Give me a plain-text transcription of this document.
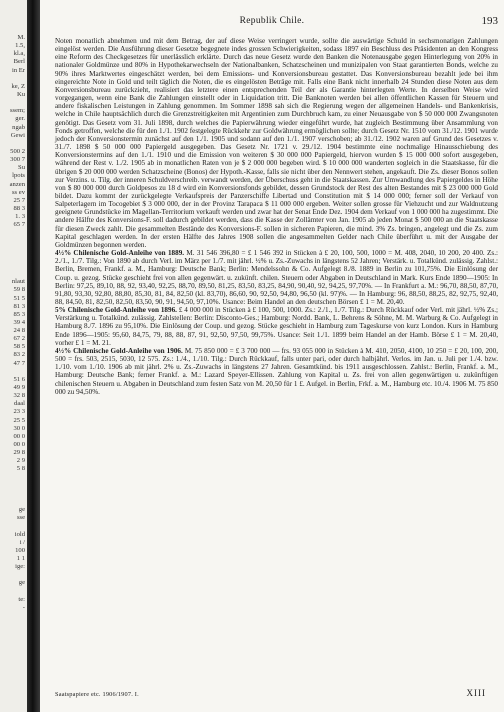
M.
1.5,
kl.a,
Berl
in Er
ke, Z
Ku
ssem;
ger.
ngab
Gewi
500 2
300 7
Su
lpots
anzen
ss ev
25 7
88 3
1. 3
65 7
nlaut
59 8
51 5
81 3
85 3
39 4
24 8
67 2
58 5
83 2
47 7
51 6
49 9
32 8
daal
23 3
25 5
30 0
00 0
00 0
29 8
2 9
5 8
ge
sse
iold
i /
100
1 1
ige:
ge
te:
-
Republik Chile.	193

Noten monatlich abnehmen und mit dem Betrag, der auf diese Weise verringert wurde, sollte die auswärtige Schuld in sechsmonatigen Zahlungen eingelöst werden. Die Ausführung dieser Gesetze begegnete indes grossen Schwierigkeiten, sodass 1897 ein Beschluss des Präsidenten an den Kongress eine Reform des Checkgesetzes für unerlässlich erklärte. Durch das neue Gesetz wurde den Banken die Notenausgabe gegen Hinterlegung von 20% in nationaler Goldmünze und 80% in Hypothekarwechseln der Nationalbanken, Schatzscheinen und munizipalen von Staat garantierten Bonds, welche zu 90% ihres Marktwertes eingeschätzt werden, bei dem Emissions- und Konversionsbureau gestattet. Das Konversionsbureau bezahlt jede bei ihm eingereichte Note in Gold und teilt täglich die Noten, die es eingelösten Beträge mit. Falls eine Bank nicht innerhalb 24 Stunden diese Noten aus dem Konversionsbureau zurückzieht, realisiert das letztere einen entsprechenden Teil der als Garantie hinterlegten Werte. In derselben Weise wird vorgegangen, wenn eine Bank die Zahlungen einstellt oder in Liquidation tritt. Die Banknoten werden bei allen öffentlichen Kassen für Steuern und andere fiskalischen Leistungen in Zahlung genommen. Im Sommer 1898 sah sich die Regierung wegen der allgemeinen Handels- und Bankenkrisis, welche in Chile hauptsächlich durch die Grenzstreitigkeiten mit Argentinien zum Durchbruch kam, zu einer Neuausgabe von $ 50 000 000 Zwangsnoten genötigt. Das Gesetz vom 31. Juli 1898, durch welches die Papierwährung wieder eingeführt wurde, hat zugleich Bestimmung über Ansammlung von Fonds getroffen, welche die für den 1./1. 1902 festgelegte Rückkehr zur Goldwährung ermöglichen sollte; durch Gesetz Nr. 1510 vom 31./12. 1901 wurde jedoch der Konversionstermin zunächst auf den 1./1. 1905 und sodann auf den 1./1. 1907 verschoben; ab 31./12. 1902 waren auf Grund des Gesetzes v. 31./7. 1898 $ 50 000 000 Papiergeld ausgegeben. Das Gesetz Nr. 1721 v. 29./12. 1904 bestimmte eine nochmalige Hinausschiebung des Konversionstermins auf den 1./1. 1910 und die Emission von weiteren $ 30 000 000 Papiergeld, hiervon wurden $ 15 000 000 sofort ausgegeben, während der Rest v. 1./2. 1905 ab in monatlichen Raten von je $ 2 000 000 begeben wird. $ 10 000 000 wanderten sogleich in die Staatskasse, für die übrigen $ 20 000 000 werden Schatzscheine (Bonos) der Hypoth.-Kasse, falls sie nicht über den Nennwert stehen, angekauft. Die Zs. dieser Bonos sollen zur Verzins. u. Tilg. der inneren Schuldverschreib. verwandt werden, der Überschuss geht in die Staatskassen. Zur Umwandlung des Papiergeldes in Höhe von $ 80 000 000 durch Goldpesos zu 18 d wird ein Konversionsfonds gebildet, dessen Grundstock der Rest des alten Bestandes mit $ 23 000 000 Gold bildet. Dazu kommt der zurückgelegte Verkaufspreis der Panzerschiffe Libertad und Constitution mit $ 14 000 000; ferner soll der Verkauf von Salpeterlagern im Tocogebiet $ 3 000 000, der in der Provinz Tarapaca $ 11 000 000 ergeben. Weiter sollen grosse für Viehzucht und zur Waldnutzung geeignete Grundstücke im Magellan-Territorium verkauft werden und zwar hat der Senat Ende Dez. 1904 dem Verkauf von 1 000 000 ha zugestimmt. Die andere Hälfte des Konversions-F. soll dadurch gebildet werden, dass die Kasse der Zollämter von Jan. 1905 ab jeden Monat $ 500 000 an die Staatskasse für diesen Zweck zahlt. Die gesammelten Bestände des Konversions-F. sollen in sicheren Papieren, die mind. 3% Zs. bringen, angelegt und die Zs. zum Kapital geschlagen werden. In der ersten Hälfte des Jahres 1908 sollen die angesammelten Gelder nach Chile überführt u. mit der Ausgabe der Goldmünzen begonnen werden.

4½% Chilenische Gold-Anleihe von 1889. M. 31 546 396,80 = £ 1 546 392 in Stücken à £ 20, 100, 500, 1000 = M. 408, 2040, 10 200, 20 400. Zs.: 2./1., 1./7. Tilg.: Von 1890 ab durch Verl. im März per 1./7. mit jährl. ½% u. Zs.-Zuwachs in längstens 52 Jahren; Verstärk. u. Totalkünd. zulässig. Zahlst.: Berlin, Bremen, Frankf. a. M., Hamburg: Deutsche Bank; Berlin: Mendelssohn & Co. Aufgelegt 8./8. 1889 in Berlin zu 101,75%. Die Einlösung der Coup. u. gezog. Stücke geschieht frei von allen gegenwärt. u. zukünft. chilen. Steuern oder Abgaben in Deutschland in Mark. Kurs Ende 1890—1905: In Berlin: 97,25, 89,10, 88, 92, 93,40, 92,25, 88,70, 89,50, 81,25, 83,50, 83,25, 84,90, 90,40, 92, 94,25, 97,70%. — In Frankfurt a. M.: 96,70, 88,50, 87,70, 91,80, 93,30, 92,80, 88,80, 85,30, 81, 84, 82,50 (kl. 83,70), 86,60, 90, 92,50, 94,80, 96,50 (kl. 97)%. — In Hamburg: 96, 88,50, 88,25, 82, 92,75, 92,40, 88, 84,50, 81, 82,50, 82,50, 83,50, 90, 91, 94,50, 97,10%. Usance: Beim Handel an den deutschen Börsen £ 1 = M. 20,40.

5% Chilenische Gold-Anleihe von 1896. £ 4 000 000 in Stücken à £ 100, 500, 1000. Zs.: 2./1., 1./7. Tilg.: Durch Rückkauf oder Verl. mit jährl. ½% Zs.; Verstärkung u. Totalkünd. zulässig. Zahlstellen: Berlin: Disconto-Ges.; Hamburg: Nordd. Bank, L. Behrens & Söhne, M. M. Warburg & Co. Aufgelegt in Hamburg 8./7. 1896 zu 95,10%. Die Einlösung der Coup. und gezog. Stücke geschieht in Hamburg zum Tageskurse von kurz London. Kurs in Hamburg Ende 1896—1905: 95,60, 84,75, 79, 88, 88, 87, 91, 92,50, 97,50, 99,75%. Usance: Seit 1./1. 1899 beim Handel an der Hamb. Börse £ 1 = M. 20,40, vorher £ 1 = M. 21.

4½% Chilenische Gold-Anleihe von 1906. M. 75 850 000 = £ 3 700 000 — frs. 93 055 000 in Stücken à M. 410, 2050, 4100, 10 250 = £ 20, 100, 200, 500 = frs. 503, 2515, 5030, 12 575. Zs.: 1./4., 1./10. Tilg.: Durch Rückkauf, falls unter pari, oder durch halbjährl. Verlos. im Jan. u. Juli per 1./4. bzw. 1./10. vom 1./10. 1906 ab mit jährl. 2% u. Zs.-Zuwachs in längstens 27 Jahren. Gesamtkünd. bis 1911 ausgeschlossen. Zahlst.: Berlin, Frankf. a. M., Hamburg: Deutsche Bank; ferner Frankf. a. M.: Lazard Speyer-Ellissen. Zahlung von Kapital u. Zs. frei von allen gegenwärtigen u. zukünftigen chilenischen Steuern u. Abgaben in Deutschland zum festen Satz von M. 20,50 für 1 £. Aufgel. in Berlin, Frkf. a. M., Hamburg etc. 10./4. 1906 M. 75 850 000 zu 94,50%.

Saatspapiere etc. 1906/1907. I.	XIII
